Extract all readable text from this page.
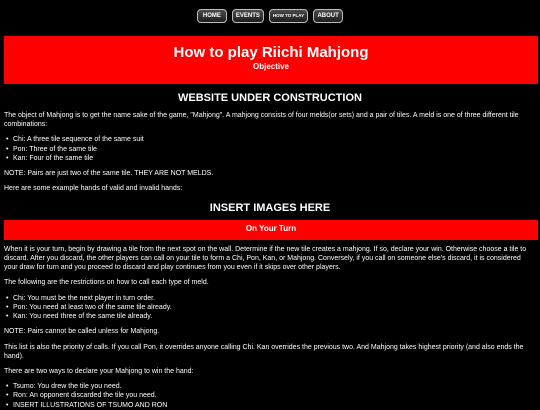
HOME	EVENTS	HOW TO PLAY	ABOUT
How to play Riichi Mahjong
Objective
WEBSITE UNDER CONSTRUCTION

The object of Mahjong is to get the name sake of the game, "Mahjong". A mahjong consists of four melds(or sets) and a pair of tiles. A meld is one of three different tile combinations:

• Chi: A three tile sequence of the same suit
• Pon: Three of the same tile
• Kan: Four of the same tile

NOTE: Pairs are just two of the same tile. THEY ARE NOT MELDS.

Here are some example hands of valid and invalid hands:

INSERT IMAGES HERE
On Your Turn

When it is your turn, begin by drawing a tile from the next spot on the wall. Determine if the new tile creates a mahjong. If so, declare your win. Otherwise choose a tile to discard. After you discard, the other players can call on your tile to form a Chi, Pon, Kan, or Mahjong. Conversely, if you call on someone else's discard, it is considered your draw for turn and you proceed to discard and play continues from you even if it skips over other players.

The following are the restrictions on how to call each type of meld.

• Chi: You must be the next player in turn order.
• Pon: You need at least two of the same tile already.
• Kan: You need three of the same tile already.

NOTE: Pairs cannot be called unless for Mahjong.

This list is also the priority of calls. If you call Pon, it overrides anyone calling Chi. Kan overrides the previous two. And Mahjong takes highest priority (and also ends the hand).

There are two ways to declare your Mahjong to win the hand:

• Tsumo: You drew the tile you need.
• Ron: An opponent discarded the tile you need.
• INSERT ILLUSTRATIONS OF TSUMO AND RON
